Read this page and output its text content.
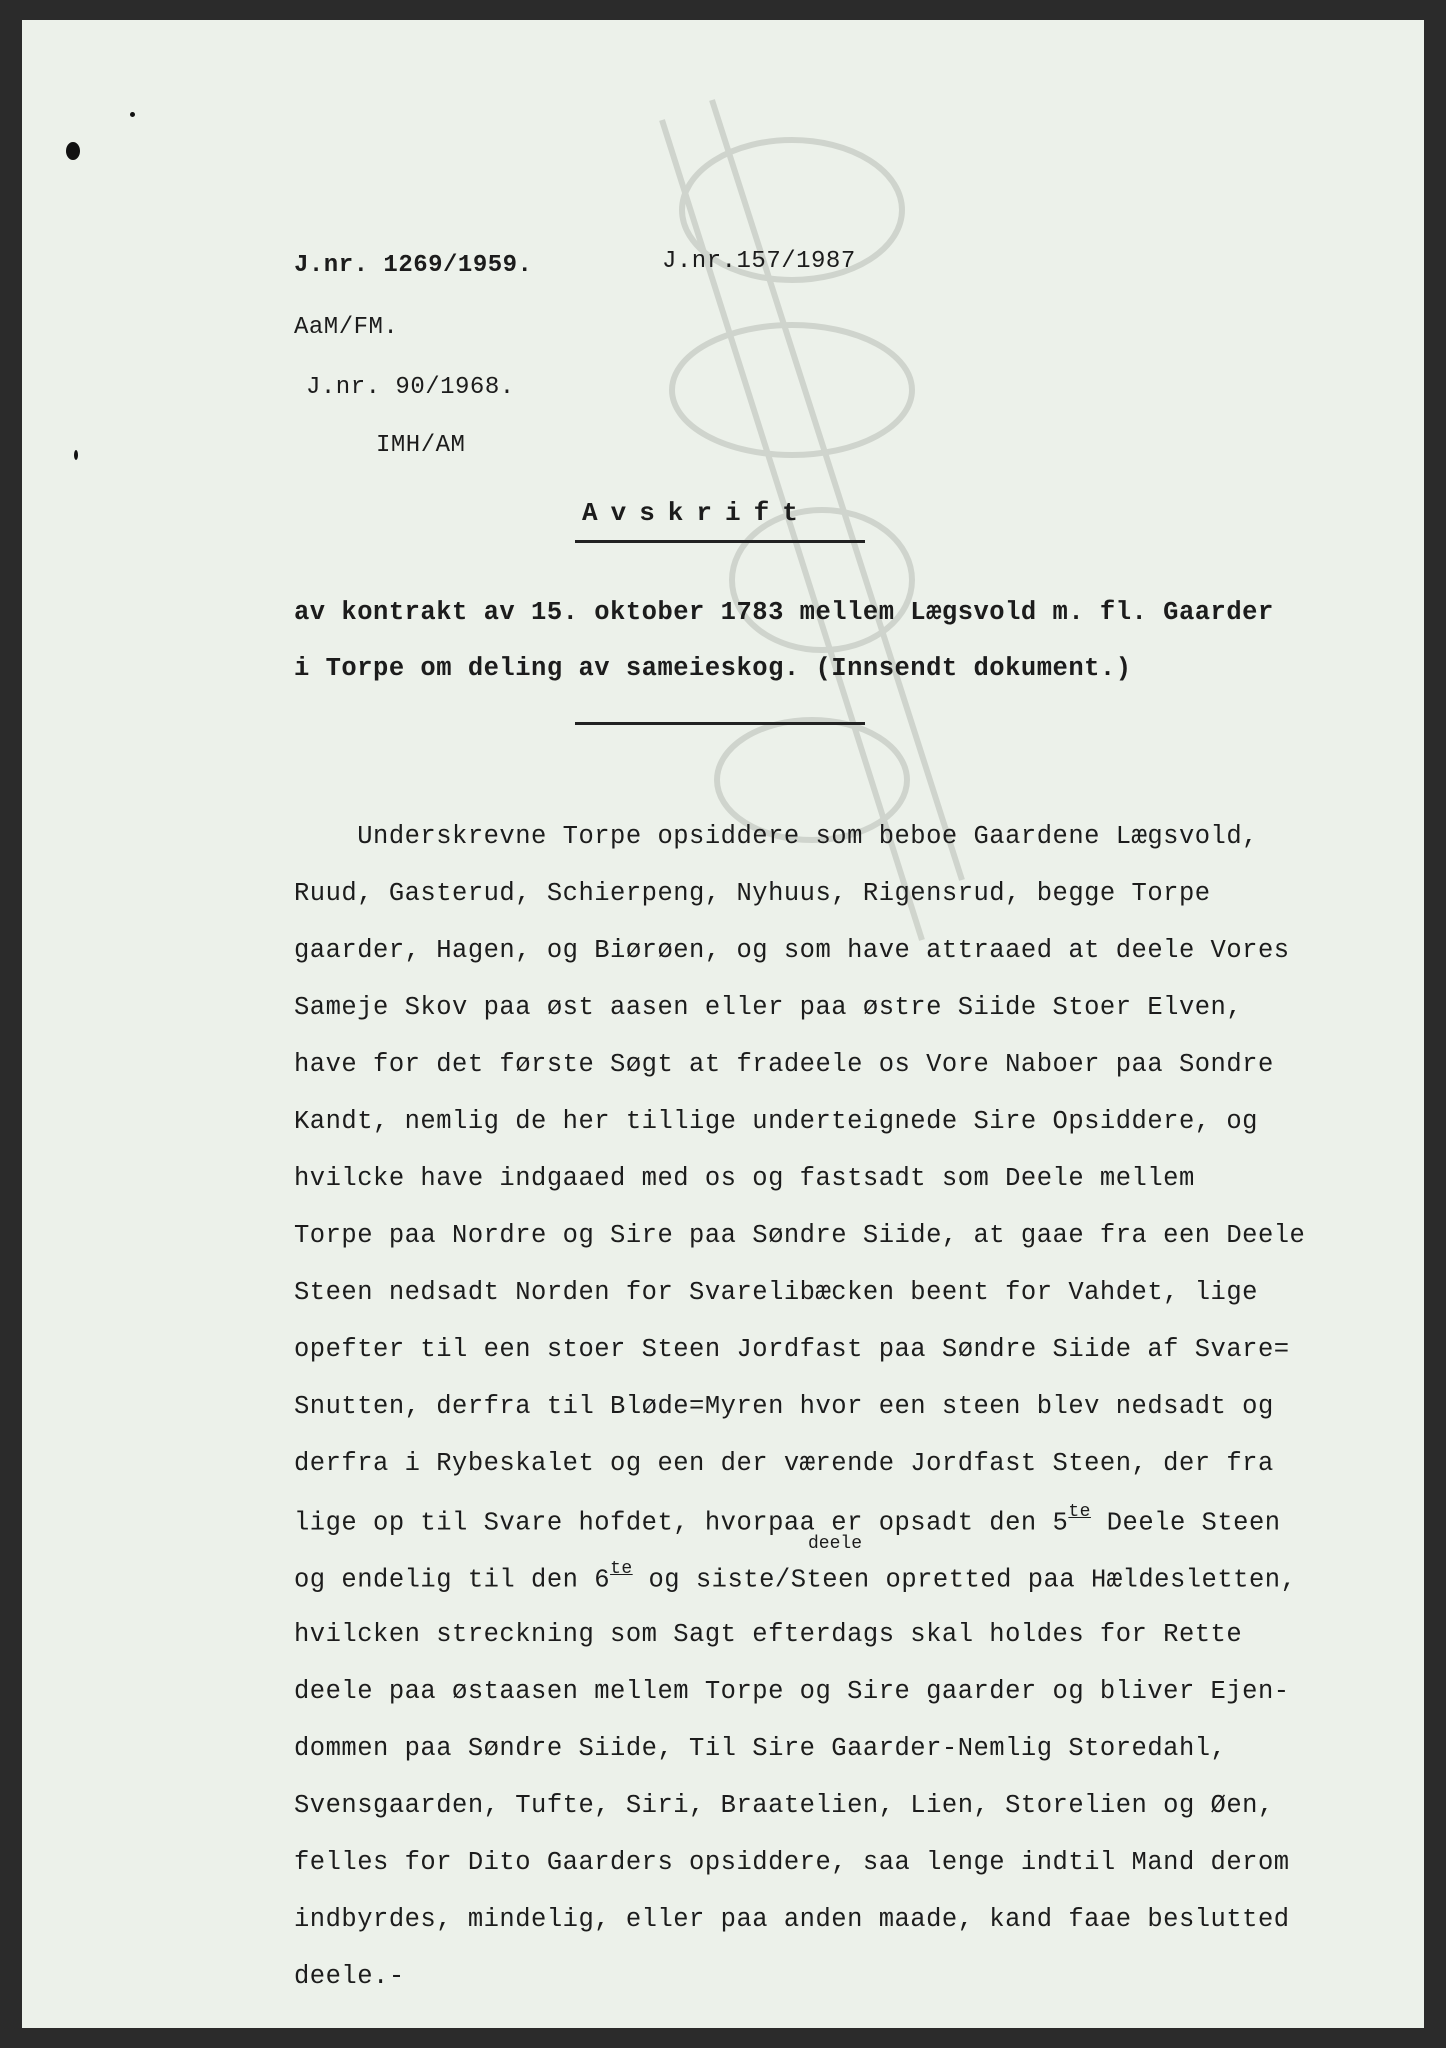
J.nr. 1269/1959.	J.nr.157/1987
AaM/FM.
J.nr. 90/1968.
IMH/AM
Avskrift
av kontrakt av 15. oktober 1783 mellem Lægsvold m. fl. Gaarder
i Torpe om deling av sameieskog. (Innsendt dokument.)
Underskrevne Torpe opsiddere som beboe Gaardene Lægsvold,
Ruud, Gasterud, Schierpeng, Nyhuus, Rigensrud, begge Torpe
gaarder, Hagen, og Biørøen, og som have attraaed at deele Vores
Sameje Skov paa øst aasen eller paa østre Siide Stoer Elven,
have for det første Søgt at fradeele os Vore Naboer paa Sondre
Kandt, nemlig de her tillige underteignede Sire Opsiddere, og
hvilcke have indgaaed med os og fastsadt som Deele mellem
Torpe paa Nordre og Sire paa Søndre Siide, at gaae fra een Deele
Steen nedsadt Norden for Svarelibæcken beent for Vahdet, lige
opefter til een stoer Steen Jordfast paa Søndre Siide af Svare=
Snutten, derfra til Bløde=Myren hvor een steen blev nedsadt og
derfra i Rybeskalet og een der værende Jordfast Steen, der fra
lige op til Svare hofdet, hvorpaa er opsadt den $5^{te}$ Deele Steen
deele
og endelig til den $6^{te}$ og siste/Steen opretted paa Hældesletten,
hvilcken streckning som Sagt efterdags skal holdes for Rette
deele paa østaasen mellem Torpe og Sire gaarder og bliver Ejen-
dommen paa Søndre Siide, Til Sire Gaarder-Nemlig Storedahl,
Svensgaarden, Tufte, Siri, Braatelien, Lien, Storelien og Øen,
felles for Dito Gaarders opsiddere, saa lenge indtil Mand derom
indbyrdes, mindelig, eller paa anden maade, kand faae beslutted
deele.-
